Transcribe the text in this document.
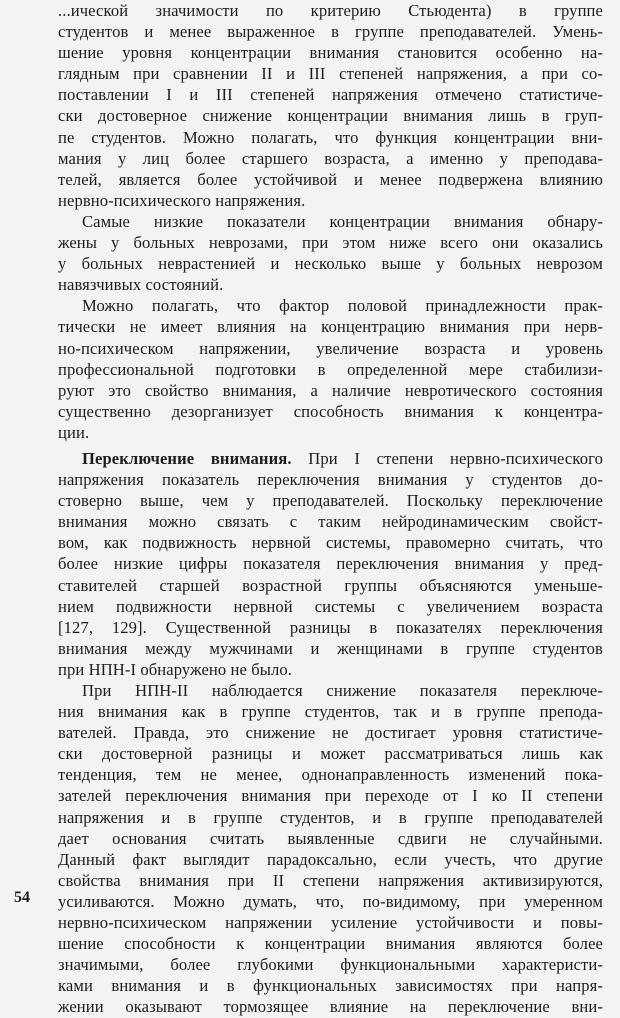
...ической значимости по критерию Стьюдента) в группе
студентов и менее выраженное в группе преподавателей. Умень-
шение уровня концентрации внимания становится особенно на-
глядным при сравнении II и III степеней напряжения, а при со-
поставлении I и III степеней напряжения отмечено статистиче-
ски достоверное снижение концентрации внимания лишь в груп-
пе студентов. Можно полагать, что функция концентрации вни-
мания у лиц более старшего возраста, а именно у преподава-
телей, является более устойчивой и менее подвержена влиянию
нервно-психического напряжения.
Самые низкие показатели концентрации внимания обнару-
жены у больных неврозами, при этом ниже всего они оказались
у больных неврастенией и несколько выше у больных неврозом
навязчивых состояний.
Можно полагать, что фактор половой принадлежности прак-
тически не имеет влияния на концентрацию внимания при нерв-
но-психическом напряжении, увеличение возраста и уровень
профессиональной подготовки в определенной мере стабилизи-
руют это свойство внимания, а наличие невротического состояния
существенно дезорганизует способность внимания к концентра-
ции.
Переключение внимания. При I степени нервно-психического
напряжения показатель переключения внимания у студентов до-
стоверно выше, чем у преподавателей. Поскольку переключение
внимания можно связать с таким нейродинамическим свойст-
вом, как подвижность нервной системы, правомерно считать, что
более низкие цифры показателя переключения внимания у пред-
ставителей старшей возрастной группы объясняются уменьше-
нием подвижности нервной системы с увеличением возраста
[127, 129]. Существенной разницы в показателях переключения
внимания между мужчинами и женщинами в группе студентов
при НПН-I обнаружено не было.
При НПН-II наблюдается снижение показателя переключе-
ния внимания как в группе студентов, так и в группе препода-
вателей. Правда, это снижение не достигает уровня статистиче-
ски достоверной разницы и может рассматриваться лишь как
тенденция, тем не менее, однонаправленность изменений пока-
зателей переключения внимания при переходе от I ко II степени
напряжения и в группе студентов, и в группе преподавателей
дает основания считать выявленные сдвиги не случайными.
Данный факт выглядит парадоксально, если учесть, что другие
свойства внимания при II степени напряжения активизируются,
усиливаются. Можно думать, что, по-видимому, при умеренном
нервно-психическом напряжении усиление устойчивости и повы-
шение способности к концентрации внимания являются более
значимыми, более глубокими функциональными характеристи-
ками внимания и в функциональных зависимостях при напря-
жении оказывают тормозящее влияние на переключение вни-
54
